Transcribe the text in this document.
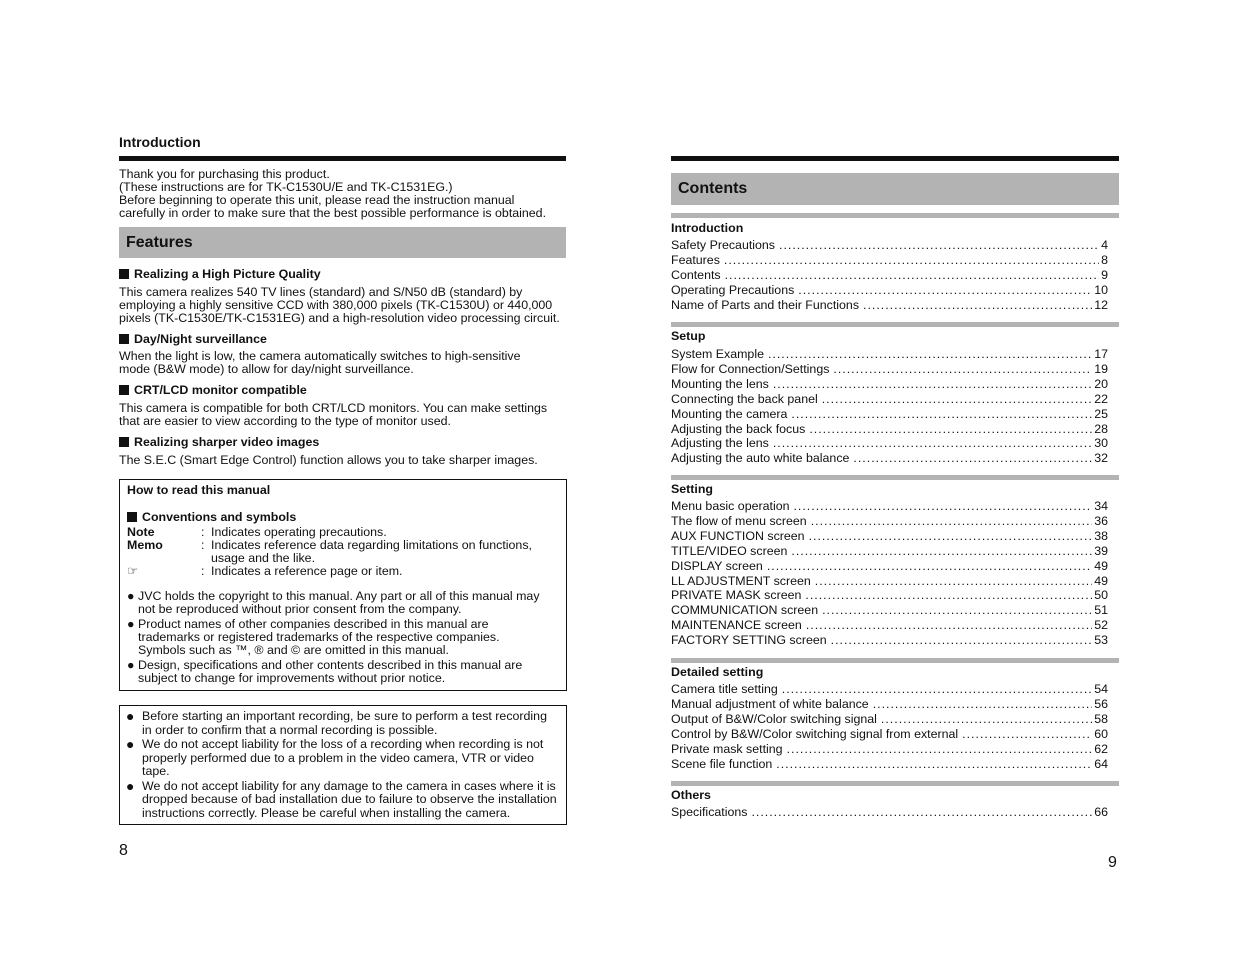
Introduction
Thank you for purchasing this product.
(These instructions are for TK-C1530U/E and TK-C1531EG.)
Before beginning to operate this unit, please read the instruction manual
carefully in order to make sure that the best possible performance is obtained.
Features
Realizing a High Picture Quality
This camera realizes 540 TV lines (standard) and S/N50 dB (standard) by
employing a highly sensitive CCD with 380,000 pixels (TK-C1530U) or 440,000
pixels (TK-C1530E/TK-C1531EG) and a high-resolution video processing circuit.
Day/Night surveillance
When the light is low, the camera automatically switches to high-sensitive
mode (B&W mode) to allow for day/night surveillance.
CRT/LCD monitor compatible
This camera is compatible for both CRT/LCD monitors. You can make settings
that are easier to view according to the type of monitor used.
Realizing sharper video images
The S.E.C (Smart Edge Control) function allows you to take sharper images.
How to read this manual
Conventions and symbols
Note	: Indicates operating precautions.
Memo	: Indicates reference data regarding limitations on functions, usage and the like.
☞	: Indicates a reference page or item.
● JVC holds the copyright to this manual. Any part or all of this manual may not be reproduced without prior consent from the company.
● Product names of other companies described in this manual are trademarks or registered trademarks of the respective companies. Symbols such as ™, ® and © are omitted in this manual.
● Design, specifications and other contents described in this manual are subject to change for improvements without prior notice.
● Before starting an important recording, be sure to perform a test recording in order to confirm that a normal recording is possible.
● We do not accept liability for the loss of a recording when recording is not properly performed due to a problem in the video camera, VTR or video tape.
● We do not accept liability for any damage to the camera in cases where it is dropped because of bad installation due to failure to observe the installation instructions correctly. Please be careful when installing the camera.
8
Contents
Introduction
Safety Precautions .....	4
Features .....	8
Contents .....	9
Operating Precautions .....	10
Name of Parts and their Functions .....	12
Setup
System Example .....	17
Flow for Connection/Settings .....	19
Mounting the lens .....	20
Connecting the back panel .....	22
Mounting the camera .....	25
Adjusting the back focus .....	28
Adjusting the lens .....	30
Adjusting the auto white balance .....	32
Setting
Menu basic operation .....	34
The flow of menu screen .....	36
AUX FUNCTION screen .....	38
TITLE/VIDEO screen .....	39
DISPLAY screen .....	49
LL ADJUSTMENT screen .....	49
PRIVATE MASK screen .....	50
COMMUNICATION screen .....	51
MAINTENANCE screen .....	52
FACTORY SETTING screen .....	53
Detailed setting
Camera title setting .....	54
Manual adjustment of white balance .....	56
Output of B&W/Color switching signal .....	58
Control by B&W/Color switching signal from external .....	60
Private mask setting .....	62
Scene file function .....	64
Others
Specifications .....	66
9
